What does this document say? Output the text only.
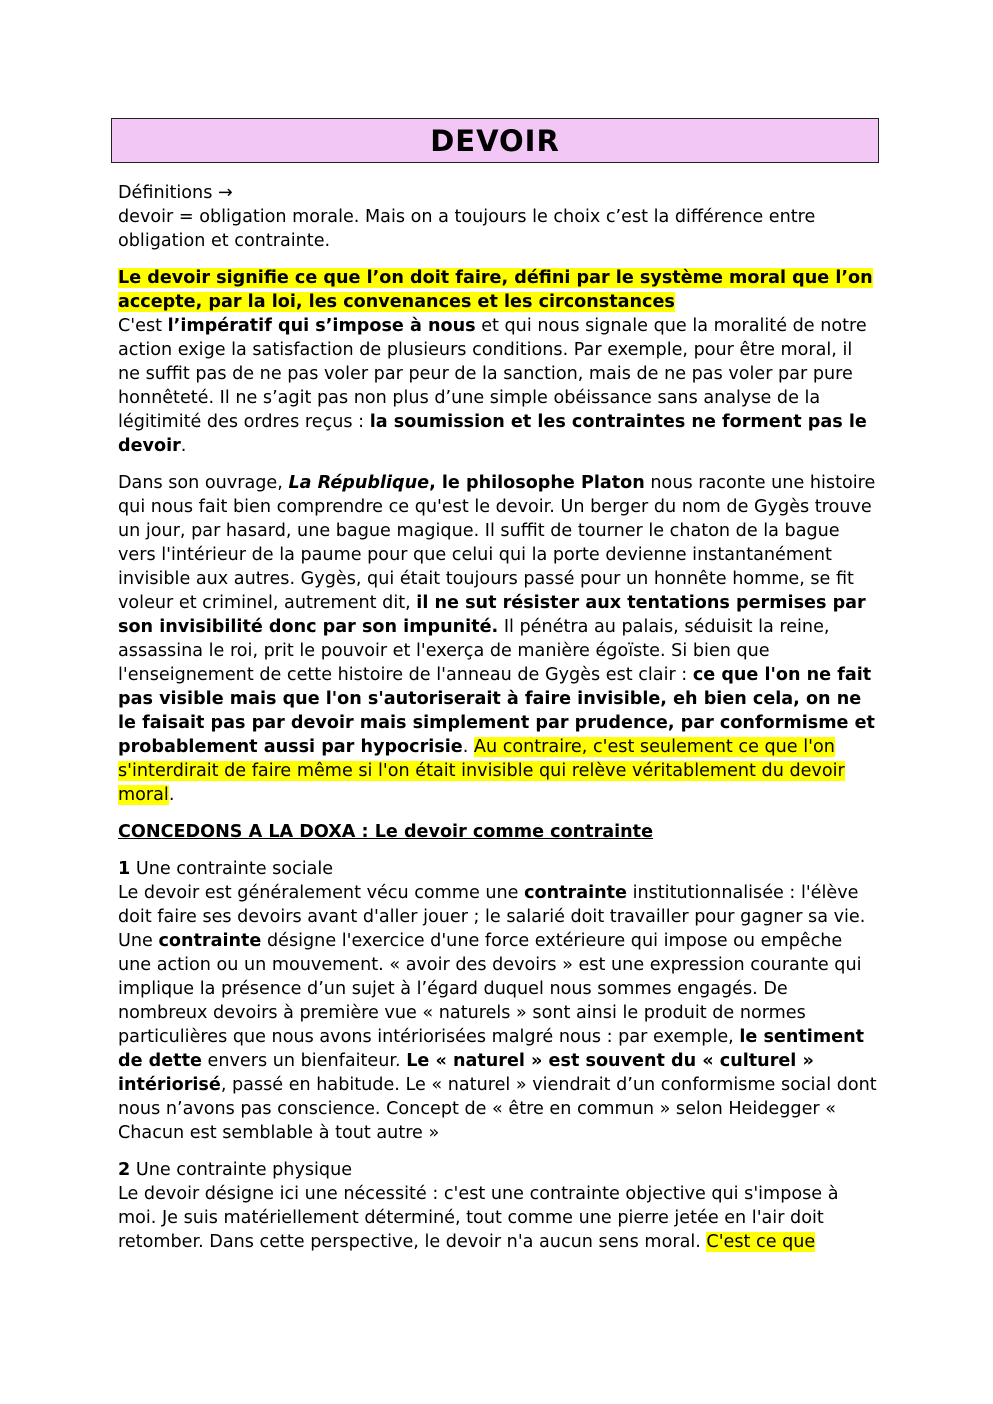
DEVOIR

Définitions →
devoir = obligation morale. Mais on a toujours le choix c’est la différence entre obligation et contrainte.

Le devoir signifie ce que l’on doit faire, défini par le système moral que l’on accepte, par la loi, les convenances et les circonstances
C'est l’impératif qui s’impose à nous et qui nous signale que la moralité de notre action exige la satisfaction de plusieurs conditions. Par exemple, pour être moral, il ne suffit pas de ne pas voler par peur de la sanction, mais de ne pas voler par pure honnêteté. Il ne s’agit pas non plus d’une simple obéissance sans analyse de la légitimité des ordres reçus : la soumission et les contraintes ne forment pas le devoir.

Dans son ouvrage, La République, le philosophe Platon nous raconte une histoire qui nous fait bien comprendre ce qu'est le devoir. Un berger du nom de Gygès trouve un jour, par hasard, une bague magique. Il suffit de tourner le chaton de la bague vers l'intérieur de la paume pour que celui qui la porte devienne instantanément invisible aux autres. Gygès, qui était toujours passé pour un honnête homme, se fit voleur et criminel, autrement dit, il ne sut résister aux tentations permises par son invisibilité donc par son impunité. Il pénétra au palais, séduisit la reine, assassina le roi, prit le pouvoir et l'exerça de manière égoïste. Si bien que l'enseignement de cette histoire de l'anneau de Gygès est clair : ce que l'on ne fait pas visible mais que l'on s'autoriserait à faire invisible, eh bien cela, on ne le faisait pas par devoir mais simplement par prudence, par conformisme et probablement aussi par hypocrisie. Au contraire, c'est seulement ce que l'on s'interdirait de faire même si l'on était invisible qui relève véritablement du devoir moral.

CONCEDONS A LA DOXA : Le devoir comme contrainte

1 Une contrainte sociale
Le devoir est généralement vécu comme une contrainte institutionnalisée : l'élève doit faire ses devoirs avant d'aller jouer ; le salarié doit travailler pour gagner sa vie. Une contrainte désigne l'exercice d'une force extérieure qui impose ou empêche une action ou un mouvement. « avoir des devoirs » est une expression courante qui implique la présence d’un sujet à l’égard duquel nous sommes engagés. De nombreux devoirs à première vue « naturels » sont ainsi le produit de normes particulières que nous avons intériorisées malgré nous : par exemple, le sentiment de dette envers un bienfaiteur. Le « naturel » est souvent du « culturel » intériorisé, passé en habitude. Le « naturel » viendrait d’un conformisme social dont nous n’avons pas conscience. Concept de « être en commun » selon Heidegger « Chacun est semblable à tout autre »

2 Une contrainte physique
Le devoir désigne ici une nécessité : c'est une contrainte objective qui s'impose à moi. Je suis matériellement déterminé, tout comme une pierre jetée en l'air doit retomber. Dans cette perspective, le devoir n'a aucun sens moral. C'est ce que
